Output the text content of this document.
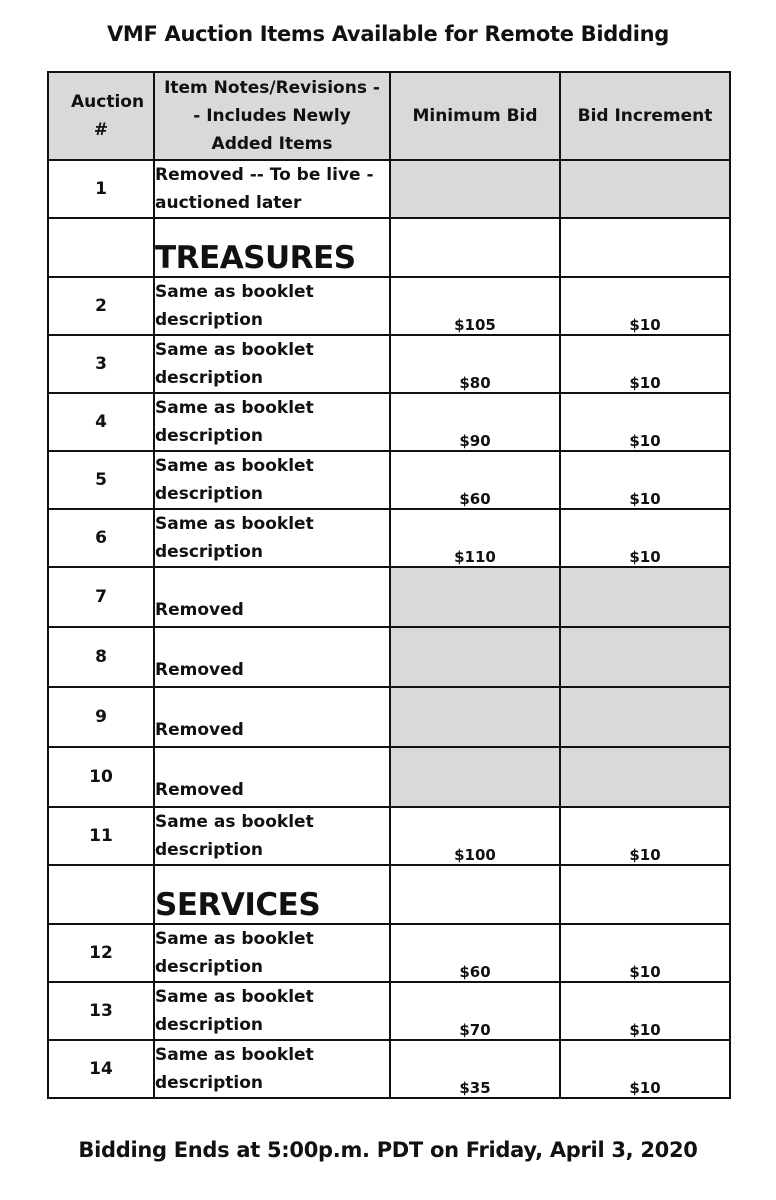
VMF Auction Items Available for Remote Bidding
Auction #	Item Notes/Revisions -- Includes Newly Added Items	Minimum Bid	Bid Increment
1	Removed -- To be live -auctioned later		
	TREASURES		
2	Same as booklet description	$105	$10
3	Same as booklet description	$80	$10
4	Same as booklet description	$90	$10
5	Same as booklet description	$60	$10
6	Same as booklet description	$110	$10
7	Removed		
8	Removed		
9	Removed		
10	Removed		
11	Same as booklet description	$100	$10
	SERVICES		
12	Same as booklet description	$60	$10
13	Same as booklet description	$70	$10
14	Same as booklet description	$35	$10
Bidding Ends at 5:00p.m. PDT on Friday, April 3, 2020
